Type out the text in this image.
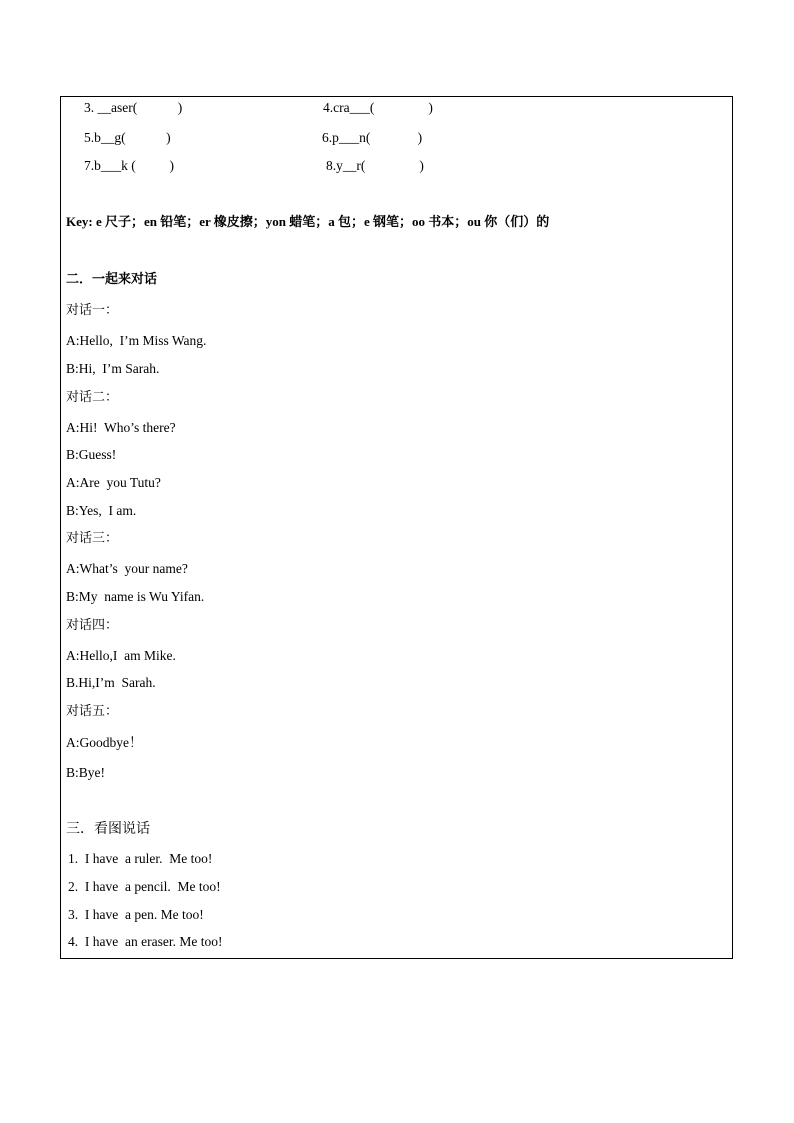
3. __aser(            )	4.cra___(                )
5.b__g(            )	6.p___n(              )
7.b___k (          )	8.y__r(                )
Key: e 尺子；en 铅笔；er 橡皮擦；yon 蜡笔；a 包；e 钢笔；oo 书本；ou 你（们）的
二．一起来对话
对话一：
A:Hello,  I’m Miss Wang.
B:Hi,  I’m Sarah.
对话二：
A:Hi!  Who’s there?
B:Guess!
A:Are  you Tutu?
B:Yes,  I am.
对话三：
A:What’s  your name?
B:My  name is Wu Yifan.
对话四：
A:Hello,I  am Mike.
B.Hi,I’m  Sarah.
对话五：
A:Goodbye！
B:Bye!
三．看图说话
1.  I have  a ruler.  Me too!
2.  I have  a pencil.  Me too!
3.  I have  a pen. Me too!
4.  I have  an eraser. Me too!
